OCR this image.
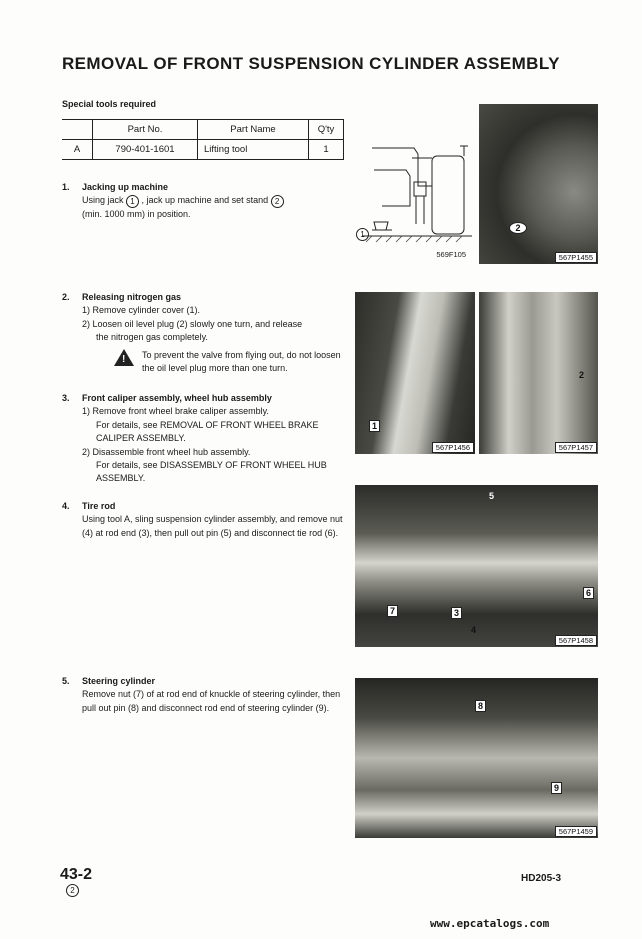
REMOVAL OF FRONT SUSPENSION CYLINDER ASSEMBLY
Special tools required
	Part No.	Part Name	Q'ty
A	790-401-1601	Lifting tool	1
1. Jacking up machine
Using jack 1 , jack up machine and set stand 2
(min. 1000 mm) in position.
2. Releasing nitrogen gas
1) Remove cylinder cover (1).
2) Loosen oil level plug (2) slowly one turn, and release
the nitrogen gas completely.
! To prevent the valve from flying out, do not loosen the oil level plug more than one turn.
3. Front caliper assembly, wheel hub assembly
1) Remove front wheel brake caliper assembly.
For details, see REMOVAL OF FRONT WHEEL BRAKE CALIPER ASSEMBLY.
2) Disassemble front wheel hub assembly.
For details, see DISASSEMBLY OF FRONT WHEEL HUB ASSEMBLY.
4. Tire rod
Using tool A, sling suspension cylinder assembly, and remove nut (4) at rod end (3), then pull out pin (5) and disconnect tie rod (6).
5. Steering cylinder
Remove nut (7) of at rod end of knuckle of steering cylinder, then pull out pin (8) and disconnect rod end of steering cylinder (9).
1
569F105
2
567P1455
1
567P1456
2
567P1457
5
6
7	3
4
567P1458
8
9
567P1459
43-2
2
HD205-3
www.epcatalogs.com
